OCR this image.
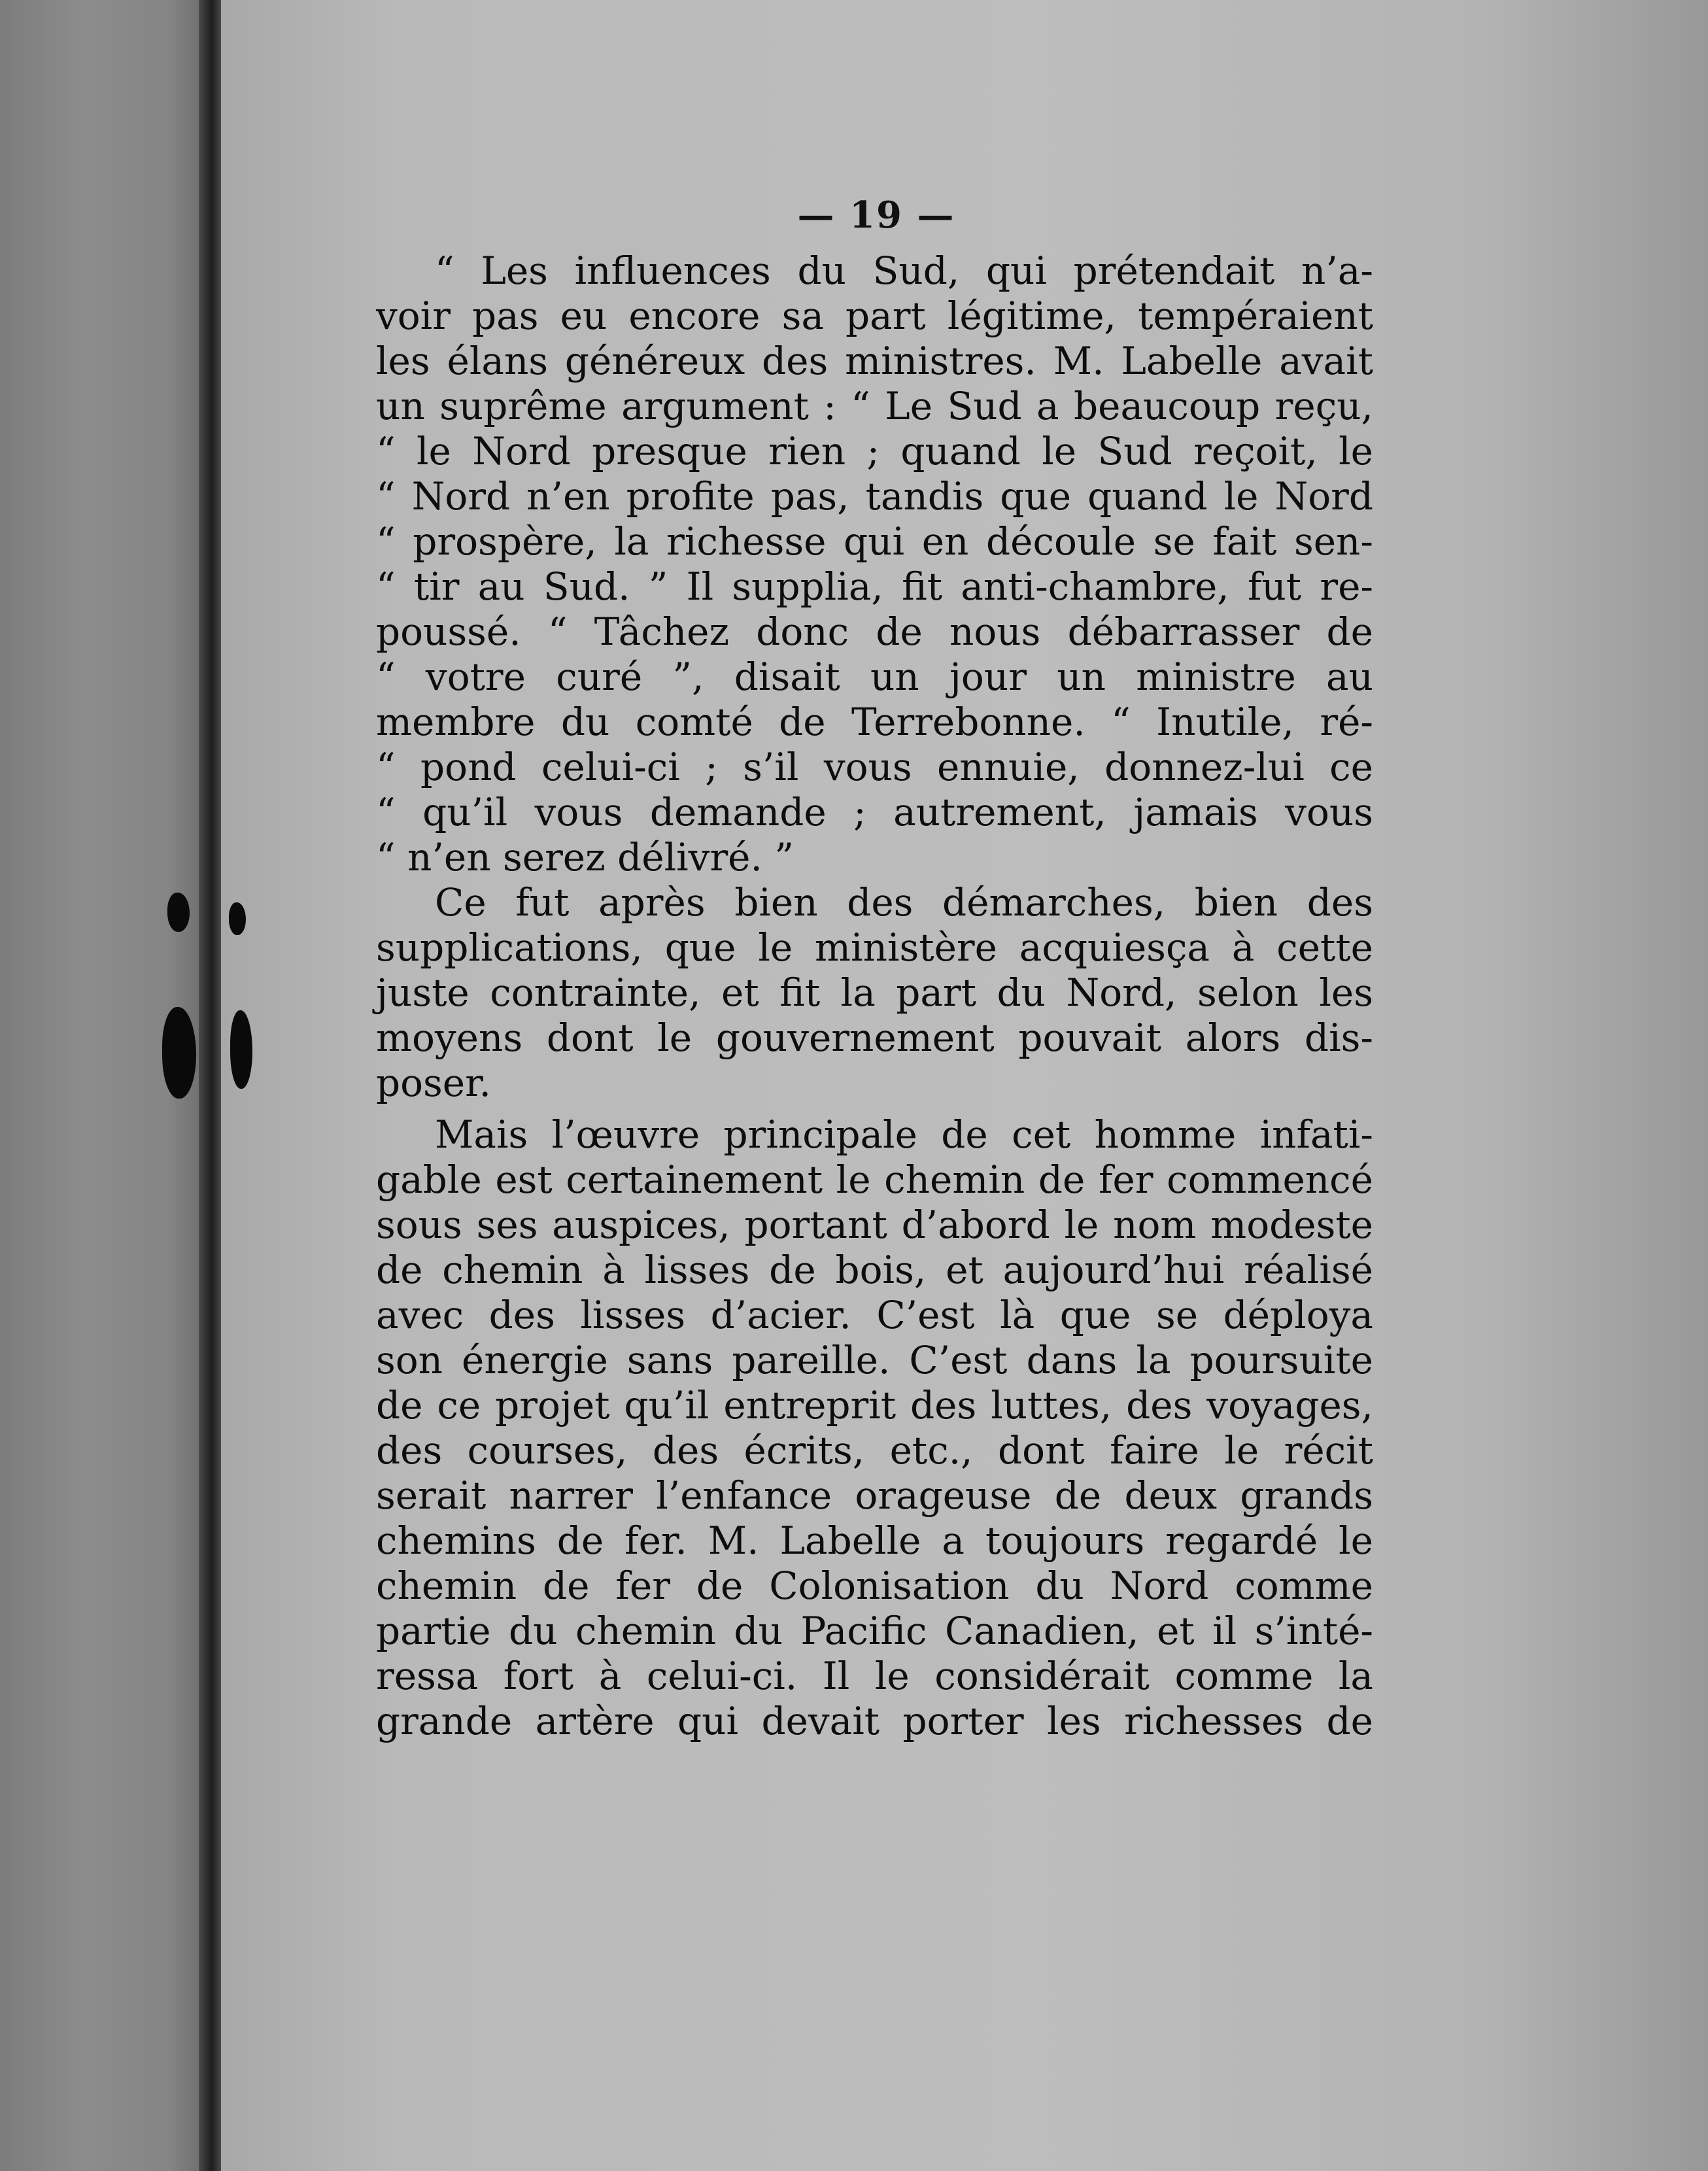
— 19 —
“ Les influences du Sud, qui prétendait n’a-
voir pas eu encore sa part légitime, tempéraient
les élans généreux des ministres. M. Labelle avait
un suprême argument : “ Le Sud a beaucoup reçu,
“ le Nord presque rien ; quand le Sud reçoit, le
“ Nord n’en profite pas, tandis que quand le Nord
“ prospère, la richesse qui en découle se fait sen-
“ tir au Sud. ” Il supplia, fit anti-chambre, fut re-
poussé. “ Tâchez donc de nous débarrasser de
“ votre curé ”, disait un jour un ministre au
membre du comté de Terrebonne. “ Inutile, ré-
“ pond celui-ci ; s’il vous ennuie, donnez-lui ce
“ qu’il vous demande ; autrement, jamais vous
“ n’en serez délivré. ”
Ce fut après bien des démarches, bien des
supplications, que le ministère acquiesça à cette
juste contrainte, et fit la part du Nord, selon les
moyens dont le gouvernement pouvait alors dis-
poser.
Mais l’œuvre principale de cet homme infati-
gable est certainement le chemin de fer commencé
sous ses auspices, portant d’abord le nom modeste
de chemin à lisses de bois, et aujourd’hui réalisé
avec des lisses d’acier. C’est là que se déploya
son énergie sans pareille. C’est dans la poursuite
de ce projet qu’il entreprit des luttes, des voyages,
des courses, des écrits, etc., dont faire le récit
serait narrer l’enfance orageuse de deux grands
chemins de fer. M. Labelle a toujours regardé le
chemin de fer de Colonisation du Nord comme
partie du chemin du Pacific Canadien, et il s’inté-
ressa fort à celui-ci. Il le considérait comme la
grande artère qui devait porter les richesses de
